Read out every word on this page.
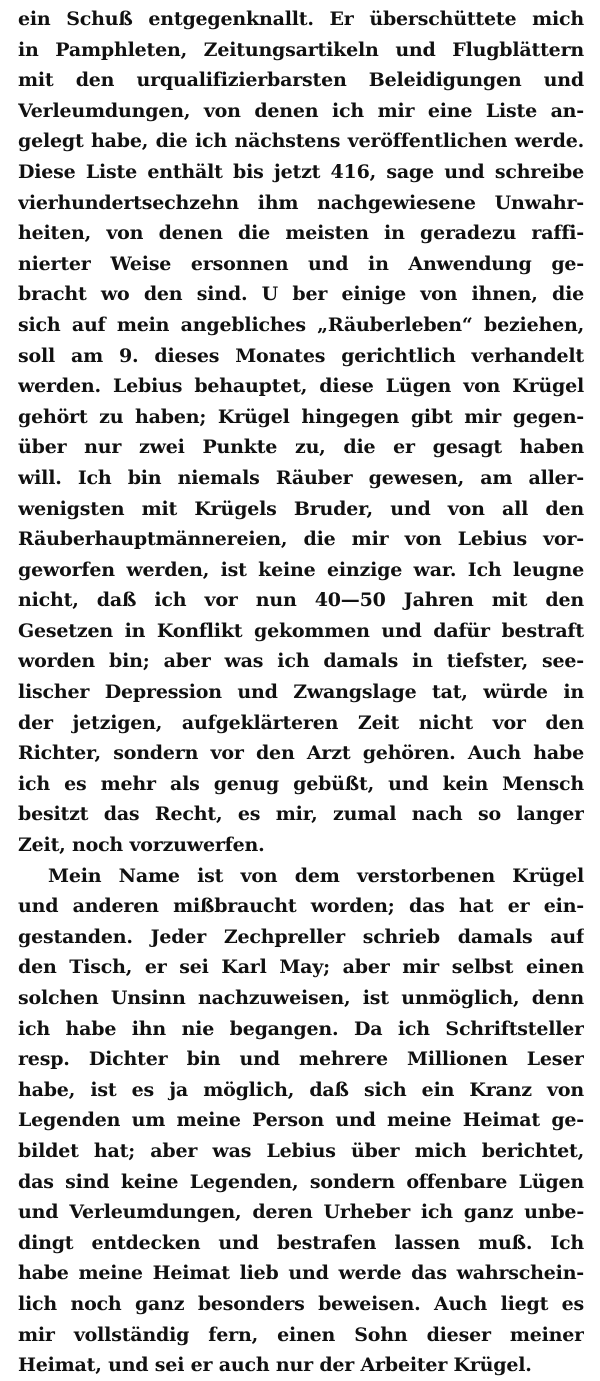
ein Schuß entgegenknallt. Er überschüttete mich
in Pamphleten, Zeitungsartikeln und Flugblättern
mit den urqualifizierbarsten Beleidigungen und
Verleumdungen, von denen ich mir eine Liste an-
gelegt habe, die ich nächstens veröffentlichen werde.
Diese Liste enthält bis jetzt 416, sage und schreibe
vierhundertsechzehn ihm nachgewiesene Unwahr-
heiten, von denen die meisten in geradezu raffi-
nierter Weise ersonnen und in Anwendung ge-
bracht wo den sind. U ber einige von ihnen, die
sich auf mein angebliches „Räuberleben“ beziehen,
soll am 9. dieses Monates gerichtlich verhandelt
werden. Lebius behauptet, diese Lügen von Krügel
gehört zu haben; Krügel hingegen gibt mir gegen-
über nur zwei Punkte zu, die er gesagt haben
will. Ich bin niemals Räuber gewesen, am aller-
wenigsten mit Krügels Bruder, und von all den
Räuberhauptmännereien, die mir von Lebius vor-
geworfen werden, ist keine einzige war. Ich leugne
nicht, daß ich vor nun 40—50 Jahren mit den
Gesetzen in Konflikt gekommen und dafür bestraft
worden bin; aber was ich damals in tiefster, see-
lischer Depression und Zwangslage tat, würde in
der jetzigen, aufgeklärteren Zeit nicht vor den
Richter, sondern vor den Arzt gehören. Auch habe
ich es mehr als genug gebüßt, und kein Mensch
besitzt das Recht, es mir, zumal nach so langer
Zeit, noch vorzuwerfen.
Mein Name ist von dem verstorbenen Krügel
und anderen mißbraucht worden; das hat er ein-
gestanden. Jeder Zechpreller schrieb damals auf
den Tisch, er sei Karl May; aber mir selbst einen
solchen Unsinn nachzuweisen, ist unmöglich, denn
ich habe ihn nie begangen. Da ich Schriftsteller
resp. Dichter bin und mehrere Millionen Leser
habe, ist es ja möglich, daß sich ein Kranz von
Legenden um meine Person und meine Heimat ge-
bildet hat; aber was Lebius über mich berichtet,
das sind keine Legenden, sondern offenbare Lügen
und Verleumdungen, deren Urheber ich ganz unbe-
dingt entdecken und bestrafen lassen muß. Ich
habe meine Heimat lieb und werde das wahrschein-
lich noch ganz besonders beweisen. Auch liegt es
mir vollständig fern, einen Sohn dieser meiner
Heimat, und sei er auch nur der Arbeiter Krügel.
